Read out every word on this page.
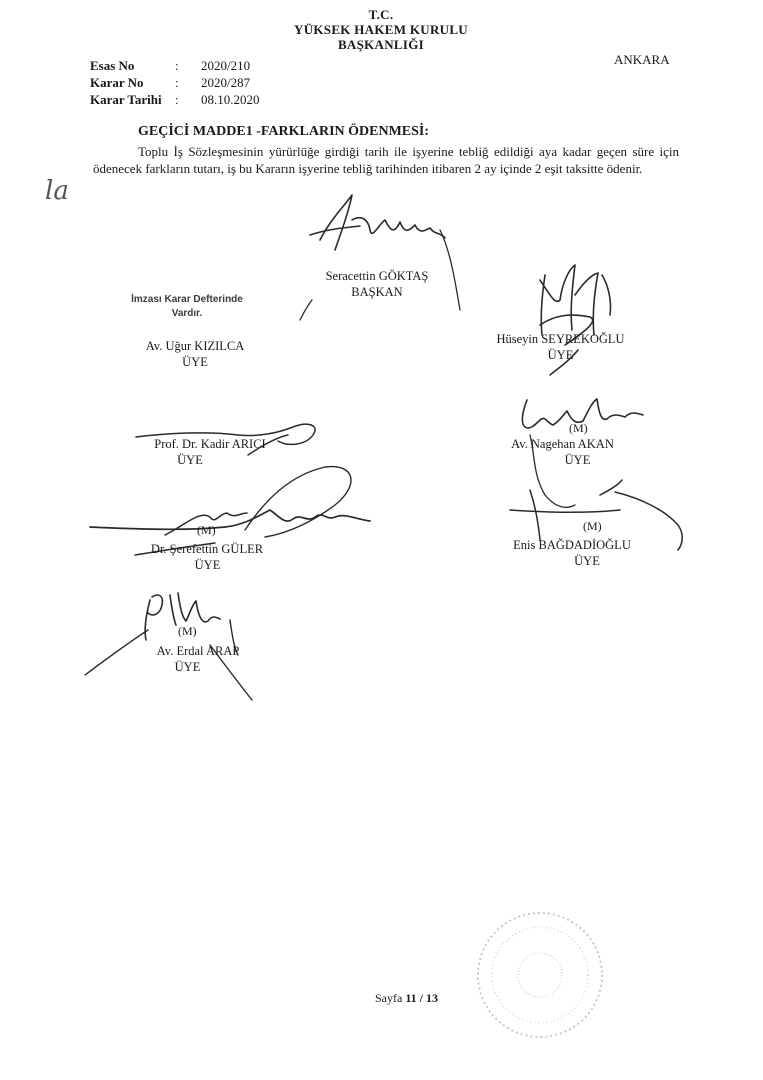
T.C.
YÜKSEK HAKEM KURULU
BAŞKANLIĞI
ANKARA
Esas No	: 2020/210
Karar No : 2020/287
Karar Tarihi : 08.10.2020
GEÇİCİ MADDE1 -FARKLARIN ÖDENMESİ:
Toplu İş Sözleşmesinin yürürlüğe girdiği tarih ile işyerine tebliğ edildiği aya kadar geçen süre için ödenecek farkların tutarı, iş bu Kararın işyerine tebliğ tarihinden itibaren 2 ay içinde 2 eşit taksitte ödenir.
la
Seracettin GÖKTAŞ
BAŞKAN
İmzası Karar Defterinde
Vardır.
Av. Uğur KIZILCA
ÜYE
Hüseyin SEYREKOĞLU
ÜYE
Prof. Dr. Kadir ARICI
ÜYE
(M)
Av. Nagehan AKAN
ÜYE
(M)
Dr. Şerefettin GÜLER
ÜYE
(M)
Enis BAĞDADİOĞLU
ÜYE
(M)
Av. Erdal ARAP
ÜYE
Sayfa 11 / 13
